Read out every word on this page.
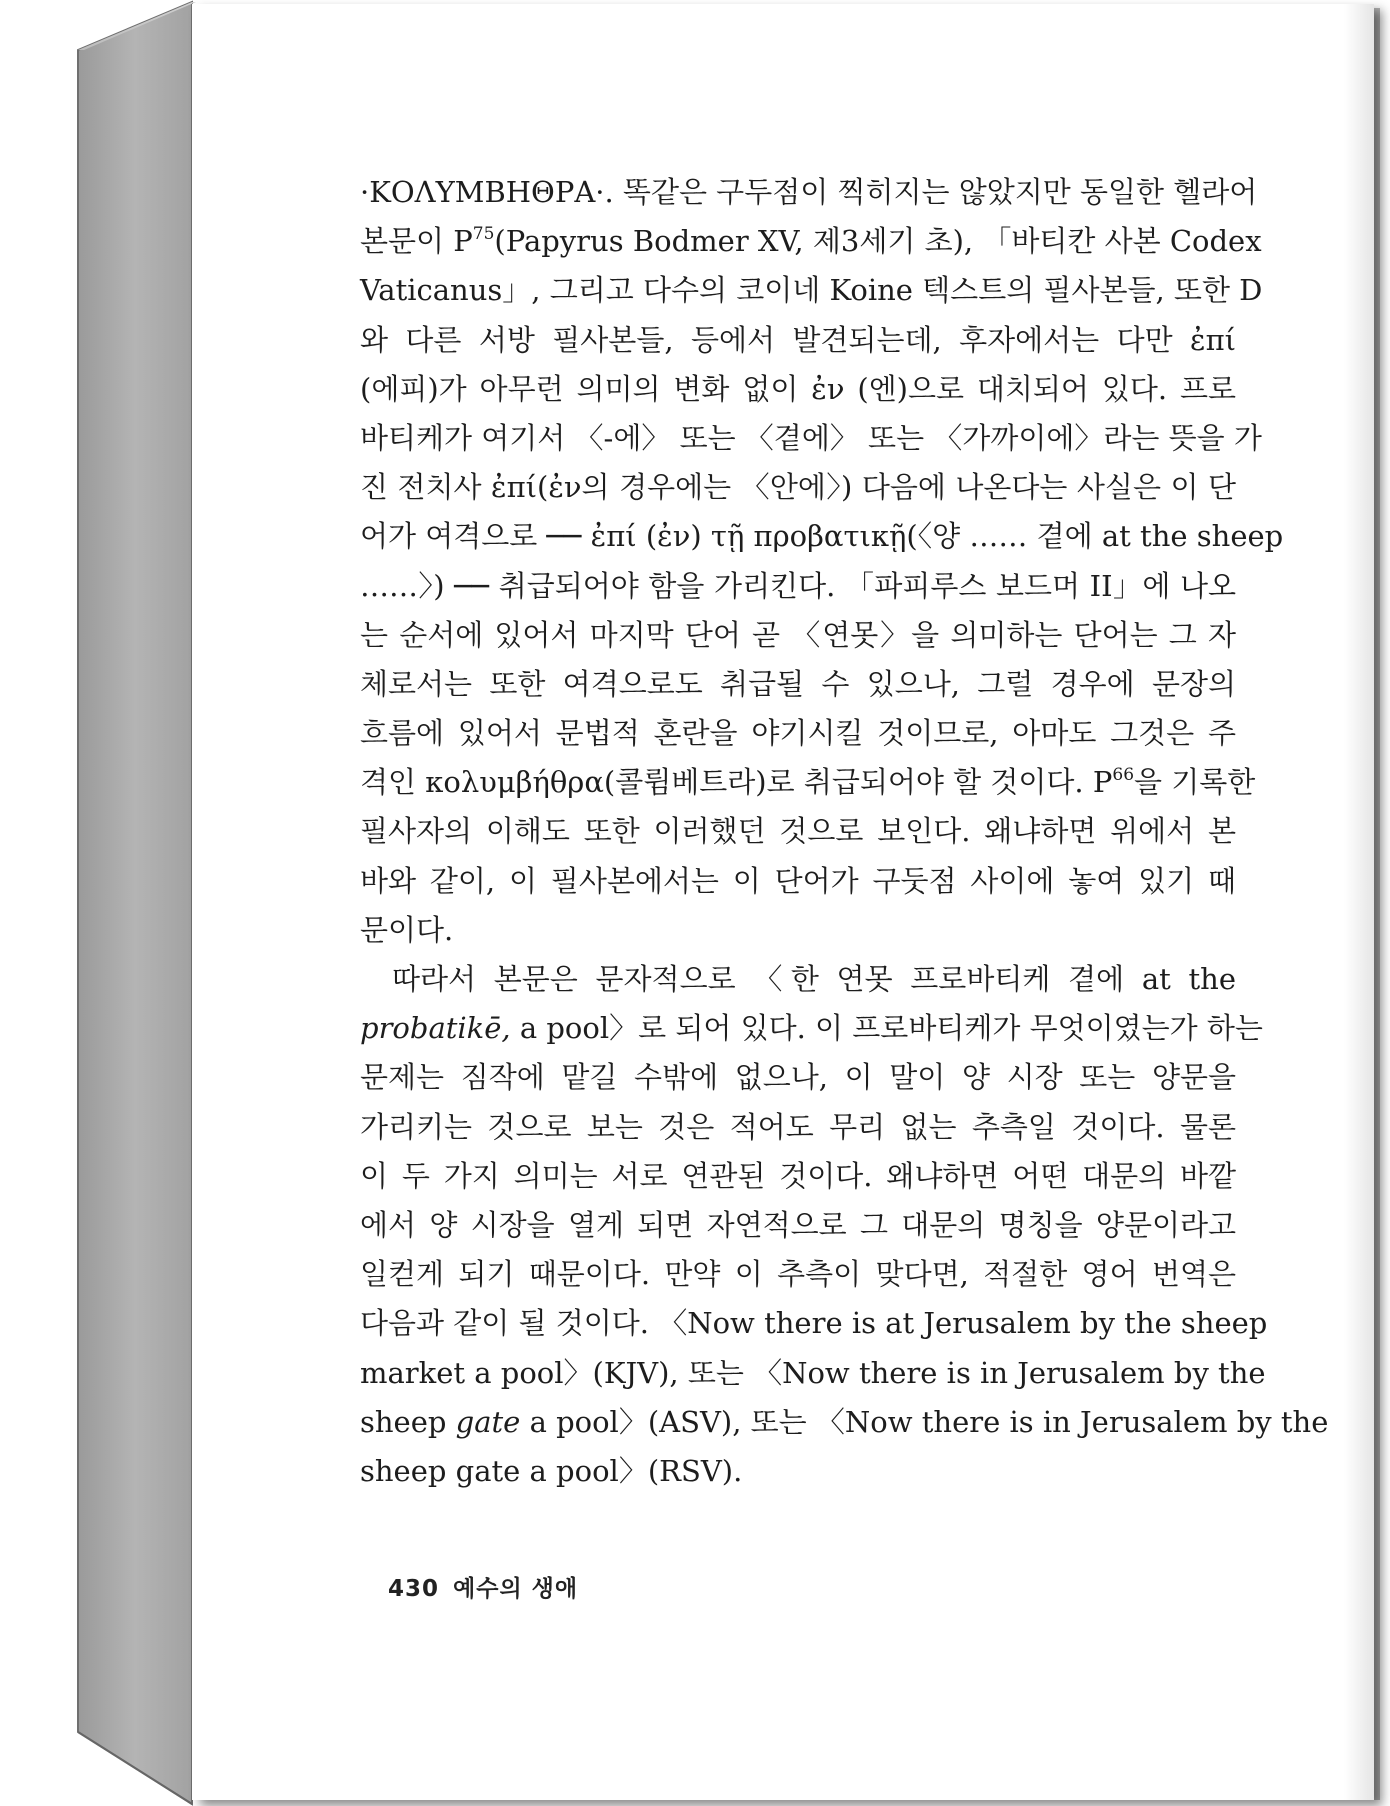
·ΚΟΛΥΜΒΗΘΡΑ·. 똑같은 구두점이 찍히지는 않았지만 동일한 헬라어
본문이 $P^{75}(Papyrus$ Bodmer XV, 제3세기 초), 「바티칸 사본 Codex
Vaticanus」, 그리고 다수의 코이네 Koine 텍스트의 필사본들, 또한 D
와 다른 서방 필사본들, 등에서 발견되는데, 후자에서는 다만 ἐπί
(에피)가 아무런 의미의 변화 없이 ἐν (엔)으로 대치되어 있다. 프로
바티케가 여기서 〈-에〉 또는 〈곁에〉 또는 〈가까이에〉라는 뜻을 가
진 전치사 ἐπί(ἐν의 경우에는 〈안에〉) 다음에 나온다는 사실은 이 단
어가 여격으로 ── ἐπί (ἐν) τῇ προβατικῇ(〈양 …… 곁에 at the sheep
……〉) ── 취급되어야 함을 가리킨다. 「파피루스 보드머 II」에 나오
는 순서에 있어서 마지막 단어 곧 〈연못〉을 의미하는 단어는 그 자
체로서는 또한 여격으로도 취급될 수 있으나, 그럴 경우에 문장의
흐름에 있어서 문법적 혼란을 야기시킬 것이므로, 아마도 그것은 주
격인 κολυμβήθρα(콜륌베트라)로 취급되어야 할 것이다. $P^{66}$을 기록한
필사자의 이해도 또한 이러했던 것으로 보인다. 왜냐하면 위에서 본
바와 같이, 이 필사본에서는 이 단어가 구둣점 사이에 놓여 있기 때
문이다.
따라서 본문은 문자적으로 〈한 연못 프로바티케 곁에 at the
probatikē, a pool〉로 되어 있다. 이 프로바티케가 무엇이였는가 하는
문제는 짐작에 맡길 수밖에 없으나, 이 말이 양 시장 또는 양문을
가리키는 것으로 보는 것은 적어도 무리 없는 추측일 것이다. 물론
이 두 가지 의미는 서로 연관된 것이다. 왜냐하면 어떤 대문의 바깥
에서 양 시장을 열게 되면 자연적으로 그 대문의 명칭을 양문이라고
일컫게 되기 때문이다. 만약 이 추측이 맞다면, 적절한 영어 번역은
다음과 같이 될 것이다. 〈Now there is at Jerusalem by the sheep
market a pool〉(KJV), 또는 〈Now there is in Jerusalem by the
sheep gate a pool〉(ASV), 또는 〈Now there is in Jerusalem by the
sheep gate a pool〉(RSV).
430 예수의 생애
